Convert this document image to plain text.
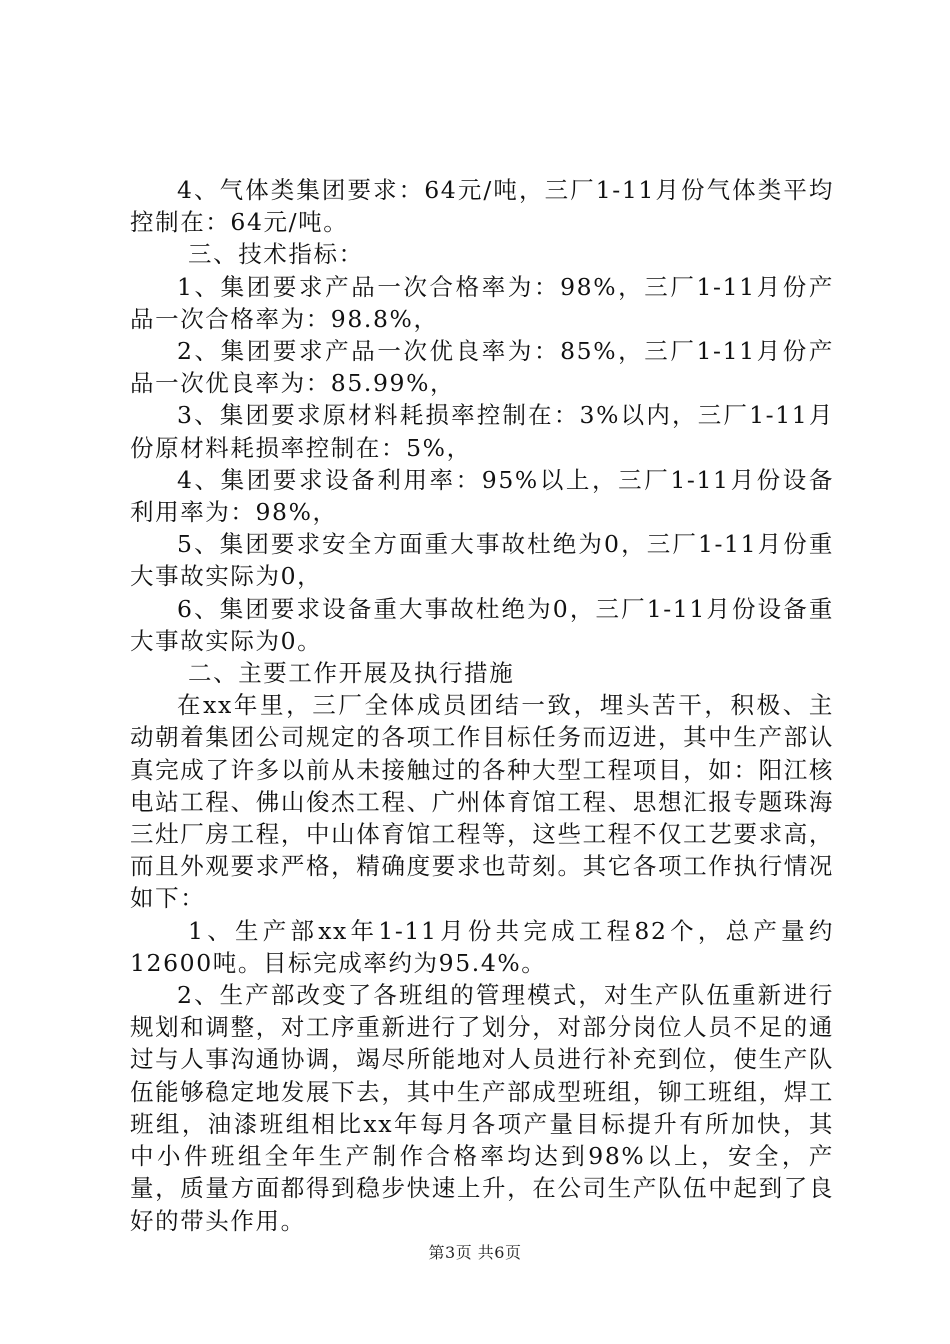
4、气体类集团要求：64元/吨，三厂1-11月份气体类平均控制在：64元/吨。

三、技术指标：

1、集团要求产品一次合格率为：98%，三厂1-11月份产品一次合格率为：98.8%，

2、集团要求产品一次优良率为：85%，三厂1-11月份产品一次优良率为：85.99%，

3、集团要求原材料耗损率控制在：3%以内，三厂1-11月份原材料耗损率控制在：5%，

4、集团要求设备利用率：95%以上，三厂1-11月份设备利用率为：98%，

5、集团要求安全方面重大事故杜绝为0，三厂1-11月份重大事故实际为0，

6、集团要求设备重大事故杜绝为0，三厂1-11月份设备重大事故实际为0。

二、主要工作开展及执行措施

在xx年里，三厂全体成员团结一致，埋头苦干，积极、主动朝着集团公司规定的各项工作目标任务而迈进，其中生产部认真完成了许多以前从未接触过的各种大型工程项目，如：阳江核电站工程、佛山俊杰工程、广州体育馆工程、思想汇报专题珠海三灶厂房工程，中山体育馆工程等，这些工程不仅工艺要求高，而且外观要求严格，精确度要求也苛刻。其它各项工作执行情况如下：

1、生产部xx年1-11月份共完成工程82个，总产量约12600吨。目标完成率约为95.4%。

2、生产部改变了各班组的管理模式，对生产队伍重新进行规划和调整，对工序重新进行了划分，对部分岗位人员不足的通过与人事沟通协调，竭尽所能地对人员进行补充到位，使生产队伍能够稳定地发展下去，其中生产部成型班组，铆工班组，焊工班组，油漆班组相比xx年每月各项产量目标提升有所加快，其中小件班组全年生产制作合格率均达到98%以上，安全，产量，质量方面都得到稳步快速上升，在公司生产队伍中起到了良好的带头作用。

第3页 共6页
